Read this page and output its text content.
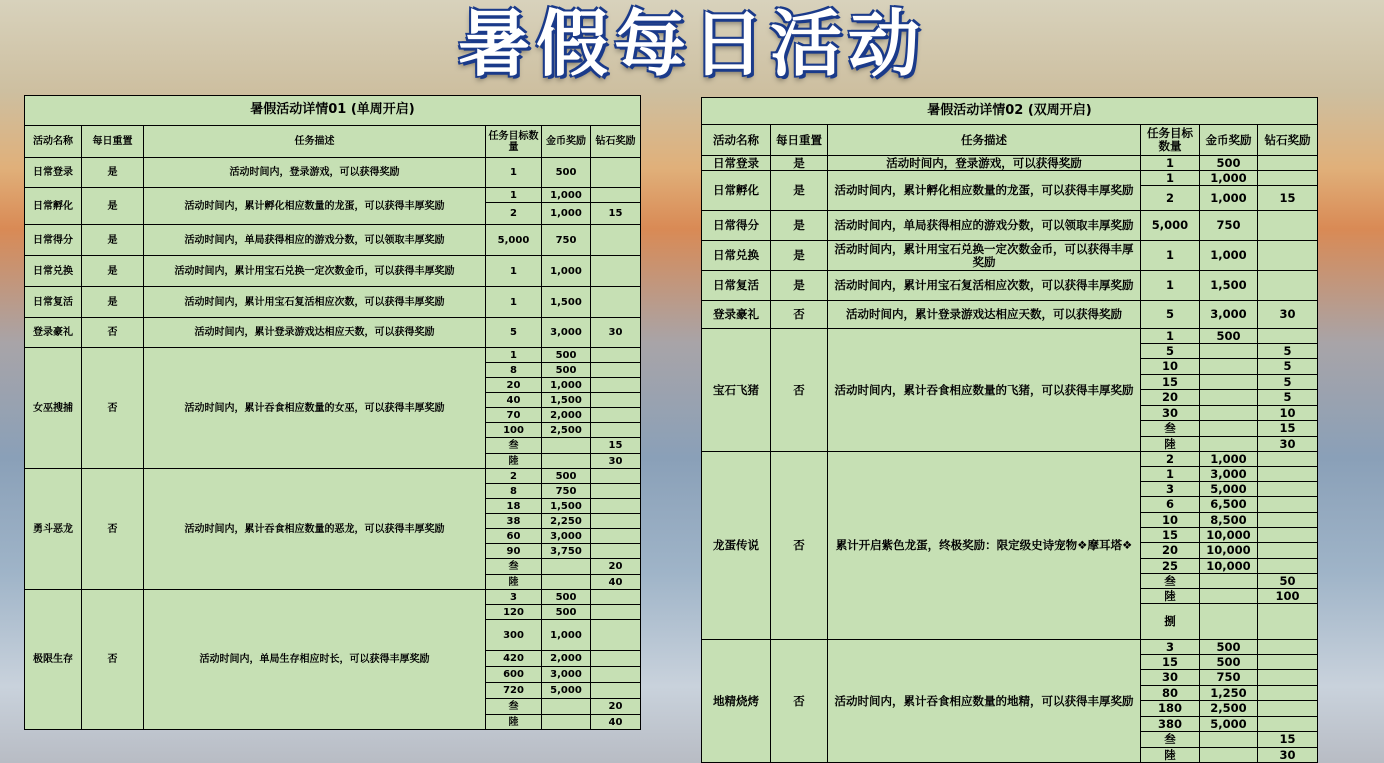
暑假每日活动
暑假活动详情01 (单周开启)					
活动名称	每日重置	任务描述	任务目标数量	金币奖励	钻石奖励
日常登录	是	活动时间内，登录游戏，可以获得奖励	1	500	
日常孵化	是	活动时间内，累计孵化相应数量的龙蛋，可以获得丰厚奖励	1	1,000	
			2	1,000	15
日常得分	是	活动时间内，单局获得相应的游戏分数，可以领取丰厚奖励	5,000	750	
日常兑换	是	活动时间内，累计用宝石兑换一定次数金币，可以获得丰厚奖励	1	1,000	
日常复活	是	活动时间内，累计用宝石复活相应次数，可以获得丰厚奖励	1	1,500	
登录豪礼	否	活动时间内，累计登录游戏达相应天数，可以获得奖励	5	3,000	30
女巫搜捕	否	活动时间内，累计吞食相应数量的女巫，可以获得丰厚奖励	1	500	
			8	500	
			20	1,000	
			40	1,500	
			70	2,000	
			100	2,500	
			叁		15
			陸		30
勇斗恶龙	否	活动时间内，累计吞食相应数量的恶龙，可以获得丰厚奖励	2	500	
			8	750	
			18	1,500	
			38	2,250	
			60	3,000	
			90	3,750	
			叁		20
			陸		40
极限生存	否	活动时间内，单局生存相应时长，可以获得丰厚奖励	3	500	
			120	500	
			300	1,000	
			420	2,000	
			600	3,000	
			720	5,000	
			叁		20
			陸		40
暑假活动详情02 (双周开启)					
活动名称	每日重置	任务描述	任务目标数量	金币奖励	钻石奖励
日常登录	是	活动时间内，登录游戏，可以获得奖励	1	500	
日常孵化	是	活动时间内，累计孵化相应数量的龙蛋，可以获得丰厚奖励	1	1,000	
			2	1,000	15
日常得分	是	活动时间内，单局获得相应的游戏分数，可以领取丰厚奖励	5,000	750	
日常兑换	是	活动时间内，累计用宝石兑换一定次数金币，可以获得丰厚奖励	1	1,000	
日常复活	是	活动时间内，累计用宝石复活相应次数，可以获得丰厚奖励	1	1,500	
登录豪礼	否	活动时间内，累计登录游戏达相应天数，可以获得奖励	5	3,000	30
宝石飞猪	否	活动时间内，累计吞食相应数量的飞猪，可以获得丰厚奖励	1	500	
			5		5
			10		5
			15		5
			20		5
			30		10
			叁		15
			陸		30
龙蛋传说	否	累计开启紫色龙蛋，终极奖励：限定级史诗宠物❖摩耳塔❖	2	1,000	
			1	3,000	
			3	5,000	
			6	6,500	
			10	8,500	
			15	10,000	
			20	10,000	
			25	10,000	
			叁		50
			陸		100
			捌		
地精烧烤	否	活动时间内，累计吞食相应数量的地精，可以获得丰厚奖励	3	500	
			15	500	
			30	750	
			80	1,250	
			180	2,500	
			380	5,000	
			叁		15
			陸		30
